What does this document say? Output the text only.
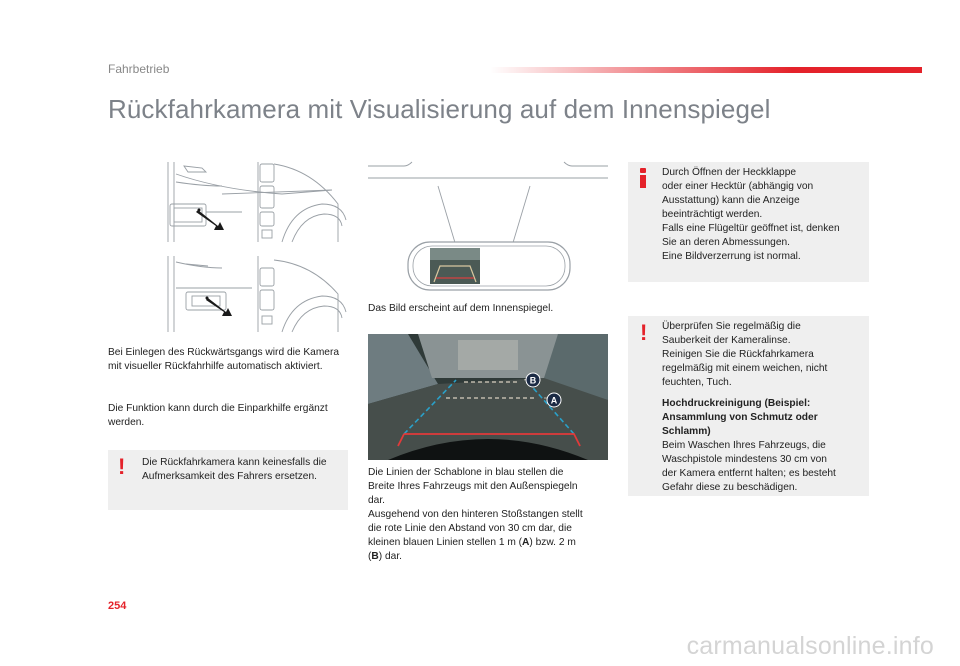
Fahrbetrieb
Rückfahrkamera mit Visualisierung auf dem Innenspiegel

Bei Einlegen des Rückwärtsgangs wird die Kamera mit visueller Rückfahrhilfe automatisch aktiviert.

Die Funktion kann durch die Einparkhilfe ergänzt werden.

! Die Rückfahrkamera kann keinesfalls die Aufmerksamkeit des Fahrers ersetzen.

Das Bild erscheint auf dem Innenspiegel.

B
A

Die Linien der Schablone in blau stellen die

Breite Ihres Fahrzeugs mit den Außenspiegeln

dar.

Ausgehend von den hinteren Stoßstangen stellt

die rote Linie den Abstand von 30 cm dar, die

kleinen blauen Linien stellen 1 m (A) bzw. 2 m

(B) dar.

Durch Öffnen der Heckklappe

oder einer Hecktür (abhängig von

Ausstattung) kann die Anzeige

beeinträchtigt werden.

Falls eine Flügeltür geöffnet ist, denken

Sie an deren Abmessungen.

Eine Bildverzerrung ist normal.

! Überprüfen Sie regelmäßig die

Sauberkeit der Kameralinse.

Reinigen Sie die Rückfahrkamera

regelmäßig mit einem weichen, nicht

feuchten, Tuch.

Hochdruckreinigung (Beispiel:

Ansammlung von Schmutz oder

Schlamm)

Beim Waschen Ihres Fahrzeugs, die

Waschpistole mindestens 30 cm von

der Kamera entfernt halten; es besteht

Gefahr diese zu beschädigen.

254
carmanualsonline.info
